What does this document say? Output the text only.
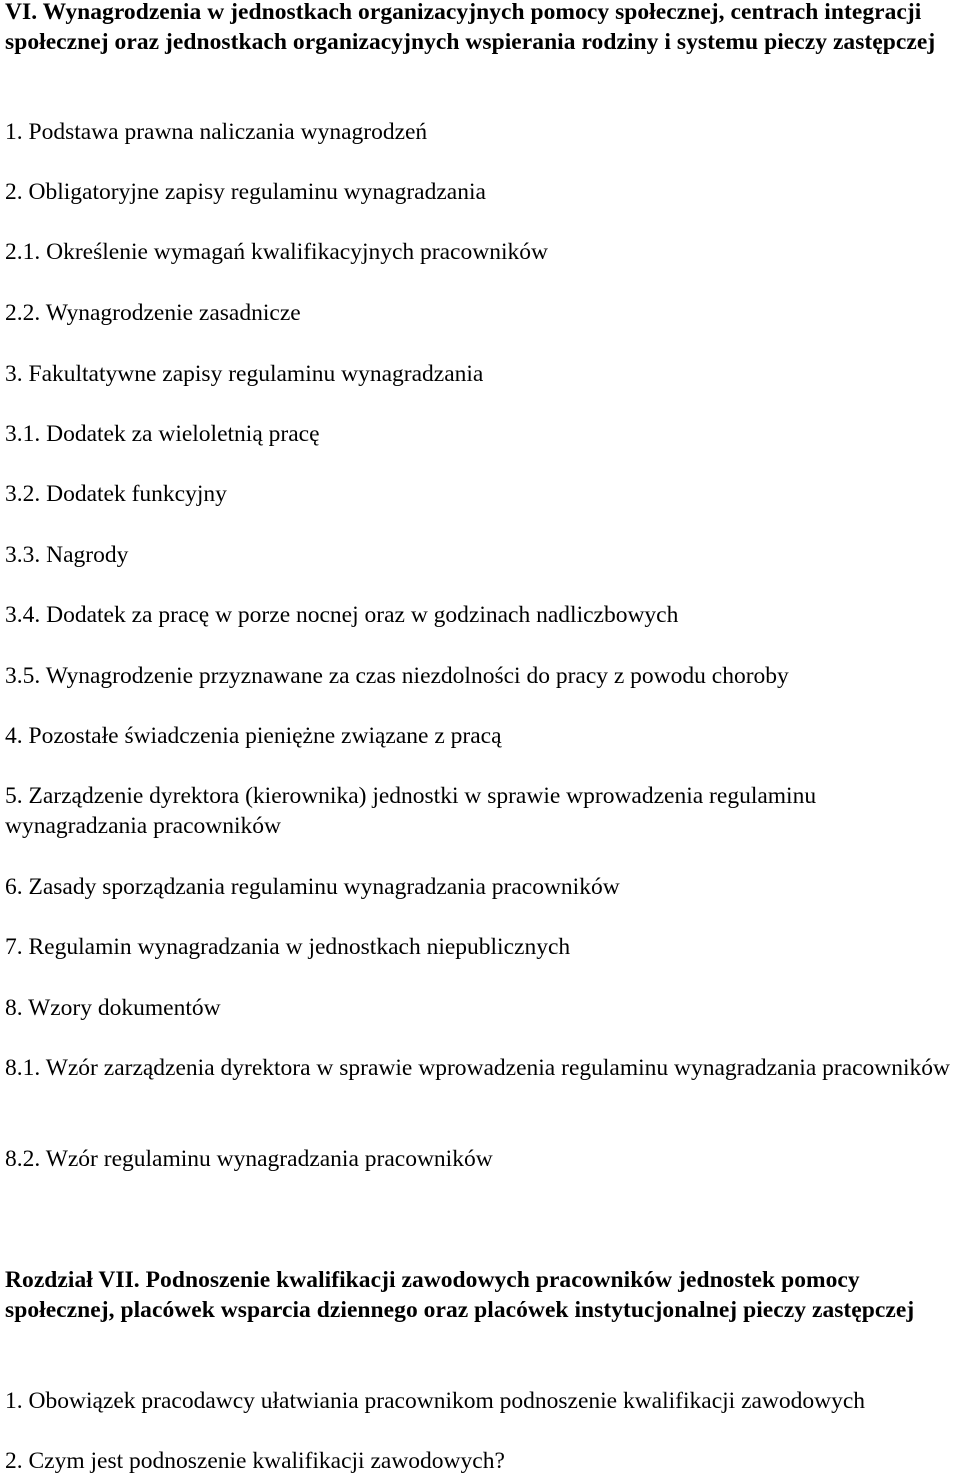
VI. Wynagrodzenia w jednostkach organizacyjnych pomocy społecznej, centrach integracji społecznej oraz jednostkach organizacyjnych wspierania rodziny i systemu pieczy zastępczej
1. Podstawa prawna naliczania wynagrodzeń
2. Obligatoryjne zapisy regulaminu wynagradzania
2.1. Określenie wymagań kwalifikacyjnych pracowników
2.2. Wynagrodzenie zasadnicze
3. Fakultatywne zapisy regulaminu wynagradzania
3.1. Dodatek za wieloletnią pracę
3.2. Dodatek funkcyjny
3.3. Nagrody
3.4. Dodatek za pracę w porze nocnej oraz w godzinach nadliczbowych
3.5. Wynagrodzenie przyznawane za czas niezdolności do pracy z powodu choroby
4. Pozostałe świadczenia pieniężne związane z pracą
5. Zarządzenie dyrektora (kierownika) jednostki w sprawie wprowadzenia regulaminu wynagradzania pracowników
6. Zasady sporządzania regulaminu wynagradzania pracowników
7. Regulamin wynagradzania w jednostkach niepublicznych
8. Wzory dokumentów
8.1. Wzór zarządzenia dyrektora w sprawie wprowadzenia regulaminu wynagradzania pracowników
8.2. Wzór regulaminu wynagradzania pracowników
Rozdział VII. Podnoszenie kwalifikacji zawodowych pracowników jednostek pomocy społecznej, placówek wsparcia dziennego oraz placówek instytucjonalnej pieczy zastępczej
1. Obowiązek pracodawcy ułatwiania pracownikom podnoszenie kwalifikacji zawodowych
2. Czym jest podnoszenie kwalifikacji zawodowych?
